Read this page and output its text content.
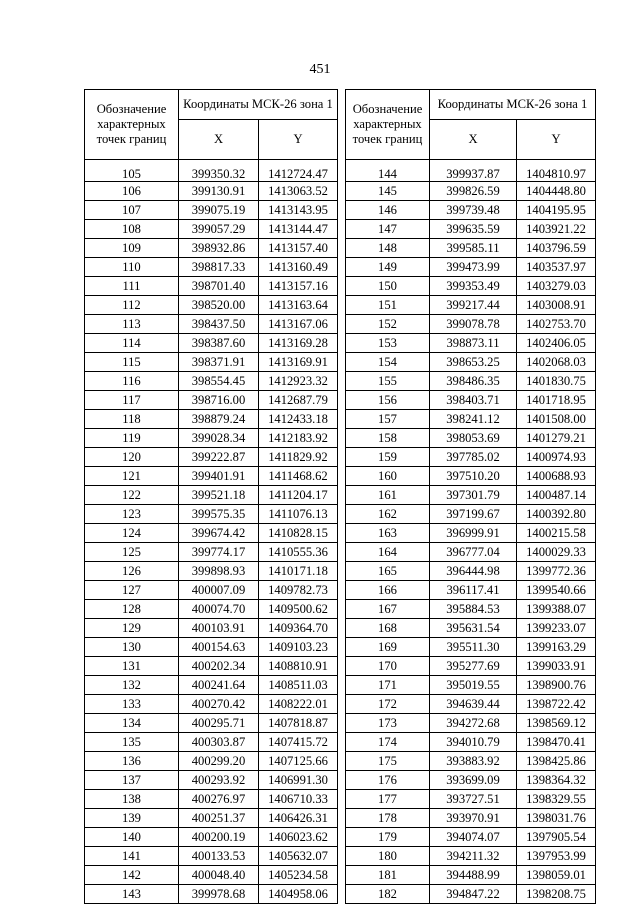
451
Обозначение характерных точек границ	Координаты МСК-26 зона 1	
	X	Y
105	399350.32	1412724.47
106	399130.91	1413063.52
107	399075.19	1413143.95
108	399057.29	1413144.47
109	398932.86	1413157.40
110	398817.33	1413160.49
111	398701.40	1413157.16
112	398520.00	1413163.64
113	398437.50	1413167.06
114	398387.60	1413169.28
115	398371.91	1413169.91
116	398554.45	1412923.32
117	398716.00	1412687.79
118	398879.24	1412433.18
119	399028.34	1412183.92
120	399222.87	1411829.92
121	399401.91	1411468.62
122	399521.18	1411204.17
123	399575.35	1411076.13
124	399674.42	1410828.15
125	399774.17	1410555.36
126	399898.93	1410171.18
127	400007.09	1409782.73
128	400074.70	1409500.62
129	400103.91	1409364.70
130	400154.63	1409103.23
131	400202.34	1408810.91
132	400241.64	1408511.03
133	400270.42	1408222.01
134	400295.71	1407818.87
135	400303.87	1407415.72
136	400299.20	1407125.66
137	400293.92	1406991.30
138	400276.97	1406710.33
139	400251.37	1406426.31
140	400200.19	1406023.62
141	400133.53	1405632.07
142	400048.40	1405234.58
143	399978.68	1404958.06
Обозначение характерных точек границ	Координаты МСК-26 зона 1	
	X	Y
144	399937.87	1404810.97
145	399826.59	1404448.80
146	399739.48	1404195.95
147	399635.59	1403921.22
148	399585.11	1403796.59
149	399473.99	1403537.97
150	399353.49	1403279.03
151	399217.44	1403008.91
152	399078.78	1402753.70
153	398873.11	1402406.05
154	398653.25	1402068.03
155	398486.35	1401830.75
156	398403.71	1401718.95
157	398241.12	1401508.00
158	398053.69	1401279.21
159	397785.02	1400974.93
160	397510.20	1400688.93
161	397301.79	1400487.14
162	397199.67	1400392.80
163	396999.91	1400215.58
164	396777.04	1400029.33
165	396444.98	1399772.36
166	396117.41	1399540.66
167	395884.53	1399388.07
168	395631.54	1399233.07
169	395511.30	1399163.29
170	395277.69	1399033.91
171	395019.55	1398900.76
172	394639.44	1398722.42
173	394272.68	1398569.12
174	394010.79	1398470.41
175	393883.92	1398425.86
176	393699.09	1398364.32
177	393727.51	1398329.55
178	393970.91	1398031.76
179	394074.07	1397905.54
180	394211.32	1397953.99
181	394488.99	1398059.01
182	394847.22	1398208.75
